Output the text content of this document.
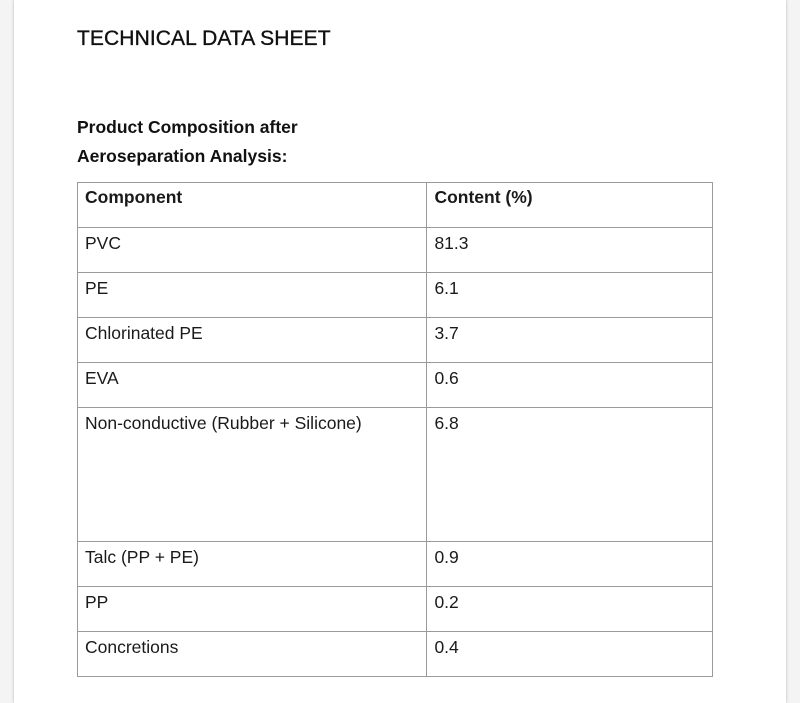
TECHNICAL DATA SHEET
Product Composition after
Aeroseparation Analysis:
Component	Content (%)
PVC	81.3
PE	6.1
Chlorinated PE	3.7
EVA	0.6
Non-conductive (Rubber + Silicone)	6.8
Talc (PP + PE)	0.9
PP	0.2
Concretions	0.4
